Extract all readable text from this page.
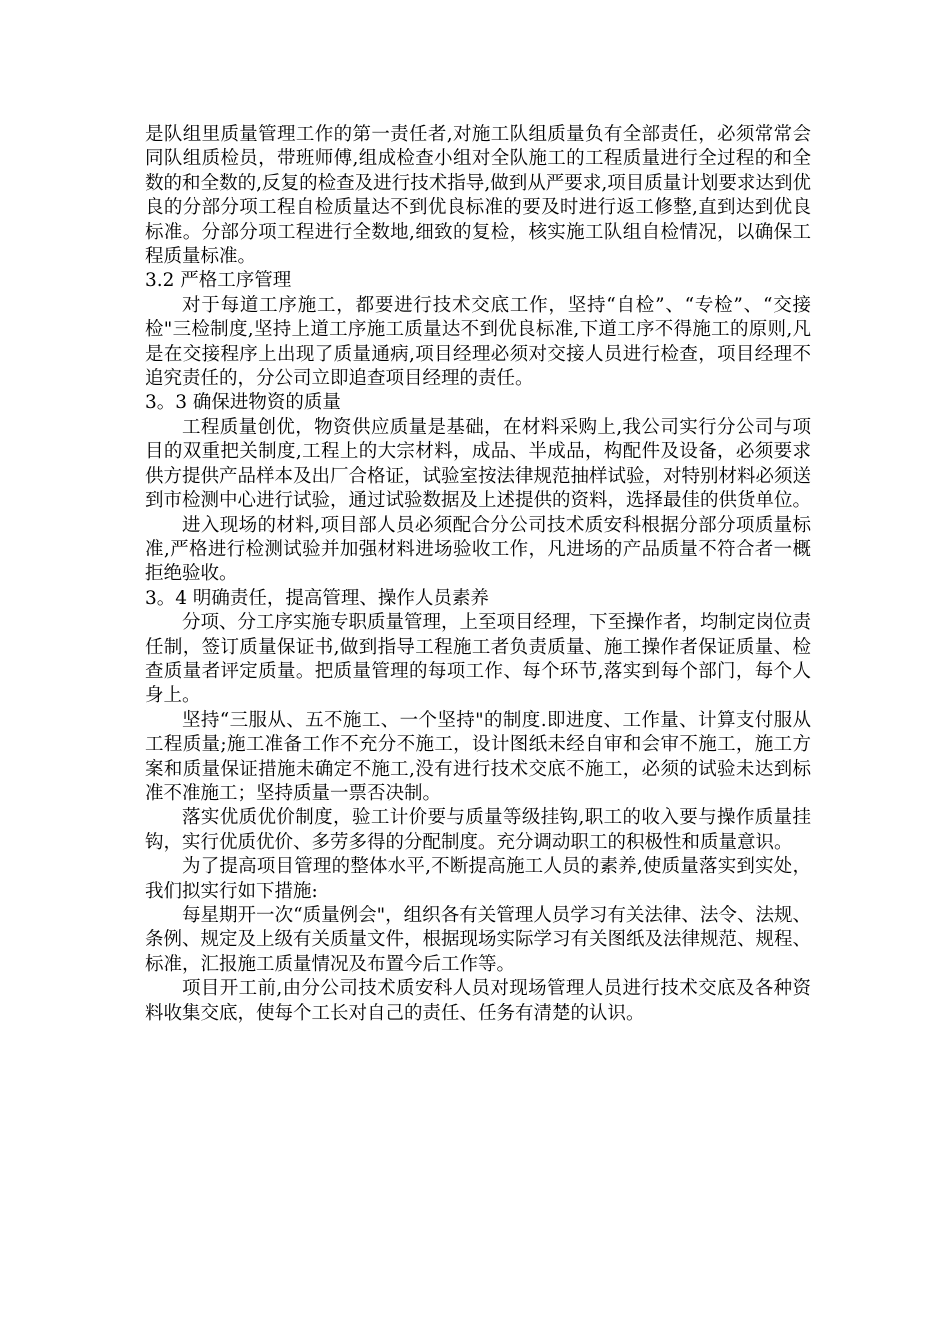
是队组里质量管理工作的第一责任者,对施工队组质量负有全部责任，必须常常会同队组质检员，带班师傅,组成检查小组对全队施工的工程质量进行全过程的和全数的和全数的,反复的检查及进行技术指导,做到从严要求,项目质量计划要求达到优良的分部分项工程自检质量达不到优良标准的要及时进行返工修整,直到达到优良标准。分部分项工程进行全数地,细致的复检，核实施工队组自检情况，以确保工程质量标准。

3.2 严格工序管理

对于每道工序施工，都要进行技术交底工作，坚持“自检”、“专检”、“交接检"三检制度,坚持上道工序施工质量达不到优良标准,下道工序不得施工的原则,凡是在交接程序上出现了质量通病,项目经理必须对交接人员进行检查，项目经理不追究责任的，分公司立即追查项目经理的责任。

3。3 确保进物资的质量

工程质量创优，物资供应质量是基础，在材料采购上,我公司实行分公司与项目的双重把关制度,工程上的大宗材料，成品、半成品，构配件及设备，必须要求供方提供产品样本及出厂合格证，试验室按法律规范抽样试验，对特别材料必须送到市检测中心进行试验，通过试验数据及上述提供的资料，选择最佳的供货单位。

进入现场的材料,项目部人员必须配合分公司技术质安科根据分部分项质量标准,严格进行检测试验并加强材料进场验收工作，凡进场的产品质量不符合者一概拒绝验收。

3。4 明确责任，提高管理、操作人员素养

分项、分工序实施专职质量管理，上至项目经理，下至操作者，均制定岗位责任制，签订质量保证书,做到指导工程施工者负责质量、施工操作者保证质量、检查质量者评定质量。把质量管理的每项工作、每个环节,落实到每个部门，每个人身上。

坚持“三服从、五不施工、一个坚持"的制度.即进度、工作量、计算支付服从工程质量;施工准备工作不充分不施工，设计图纸未经自审和会审不施工，施工方案和质量保证措施未确定不施工,没有进行技术交底不施工，必须的试验未达到标准不准施工；坚持质量一票否决制。

落实优质优价制度，验工计价要与质量等级挂钩,职工的收入要与操作质量挂钩，实行优质优价、多劳多得的分配制度。充分调动职工的积极性和质量意识。

为了提高项目管理的整体水平,不断提高施工人员的素养,使质量落实到实处，我们拟实行如下措施:

每星期开一次“质量例会"，组织各有关管理人员学习有关法律、法令、法规、条例、规定及上级有关质量文件，根据现场实际学习有关图纸及法律规范、规程、标准，汇报施工质量情况及布置今后工作等。

项目开工前,由分公司技术质安科人员对现场管理人员进行技术交底及各种资料收集交底，使每个工长对自己的责任、任务有清楚的认识。
